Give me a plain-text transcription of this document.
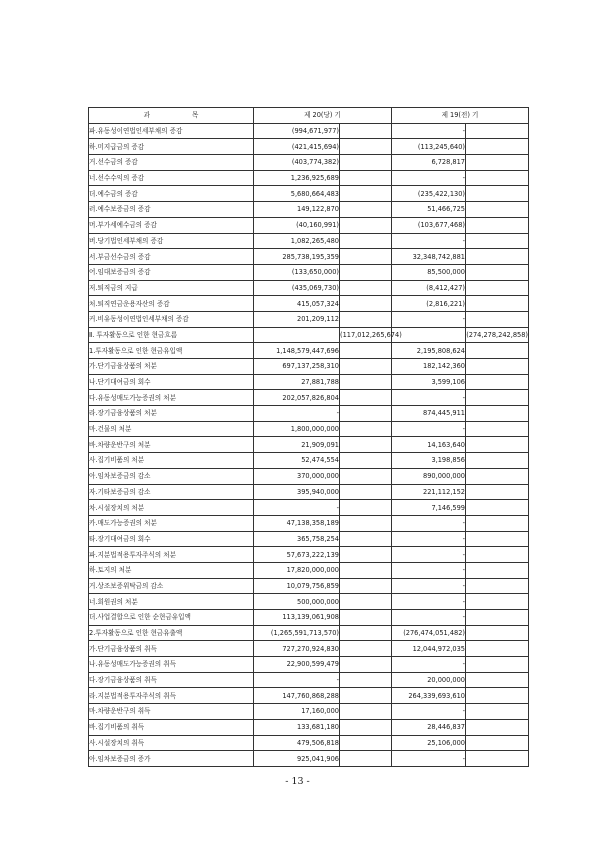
과 목	제 20(당) 기		제 19(전) 기	
파.유동성이연법인세부채의 증감	(994,671,977)		-	
하.미지급금의 증감	(421,415,694)		(113,245,640)	
거.선수금의 증감	(403,774,382)		6,728,817	
너.선수수익의 증감	1,236,925,689		-	
더.예수금의 증감	5,680,664,483		(235,422,130)	
러.예수보증금의 증감	149,122,870		51,466,725	
머.부가세예수금의 증감	(40,160,991)		(103,677,468)	
버.당기법인세부채의 증감	1,082,265,480		-	
서.부금선수금의 증감	285,738,195,359		32,348,742,881	
어.임대보증금의 증감	(133,650,000)		85,500,000	
저.퇴직금의 지급	(435,069,730)		(8,412,427)	
처.퇴직연금운용자산의 증감	415,057,324		(2,816,221)	
커.비유동성이연법인세부채의 증감	201,209,112		-	
Ⅱ. 투자활동으로 인한 현금흐름		(117,012,265,674)		(274,278,242,858)
1.투자활동으로 인한 현금유입액	1,148,579,447,696		2,195,808,624	
가.단기금융상품의 처분	697,137,258,310		182,142,360	
나.단기대여금의 회수	27,881,788		3,599,106	
다.유동성매도가능증권의 처분	202,057,826,804		-	
라.장기금융상품의 처분	-		874,445,911	
마.건물의 처분	1,800,000,000		-	
바.차량운반구의 처분	21,909,091		14,163,640	
사.집기비품의 처분	52,474,554		3,198,856	
아.임차보증금의 감소	370,000,000		890,000,000	
자.기타보증금의 감소	395,940,000		221,112,152	
차.시설장치의 처분	-		7,146,599	
카.매도가능증권의 처분	47,138,358,189		-	
타.장기대여금의 회수	365,758,254		-	
파.지분법적용투자주식의 처분	57,673,222,139		-	
하.토지의 처분	17,820,000,000		-	
거.상조보증위탁금의 감소	10,079,756,859		-	
너.회원권의 처분	500,000,000		-	
더.사업결합으로 인한 순현금유입액	113,139,061,908		-	
2.투자활동으로 인한 현금유출액	(1,265,591,713,570)		(276,474,051,482)	
가.단기금융상품의 취득	727,270,924,830		12,044,972,035	
나.유동성매도가능증권의 취득	22,900,599,479		-	
다.장기금융상품의 취득	-		20,000,000	
라.지분법적용투자주식의 취득	147,760,868,288		264,339,693,610	
마.차량운반구의 취득	17,160,000		-	
바.집기비품의 취득	133,681,180		28,446,837	
사.시설장치의 취득	479,506,818		25,106,000	
아.임차보증금의 증가	925,041,906		-	
- 13 -
